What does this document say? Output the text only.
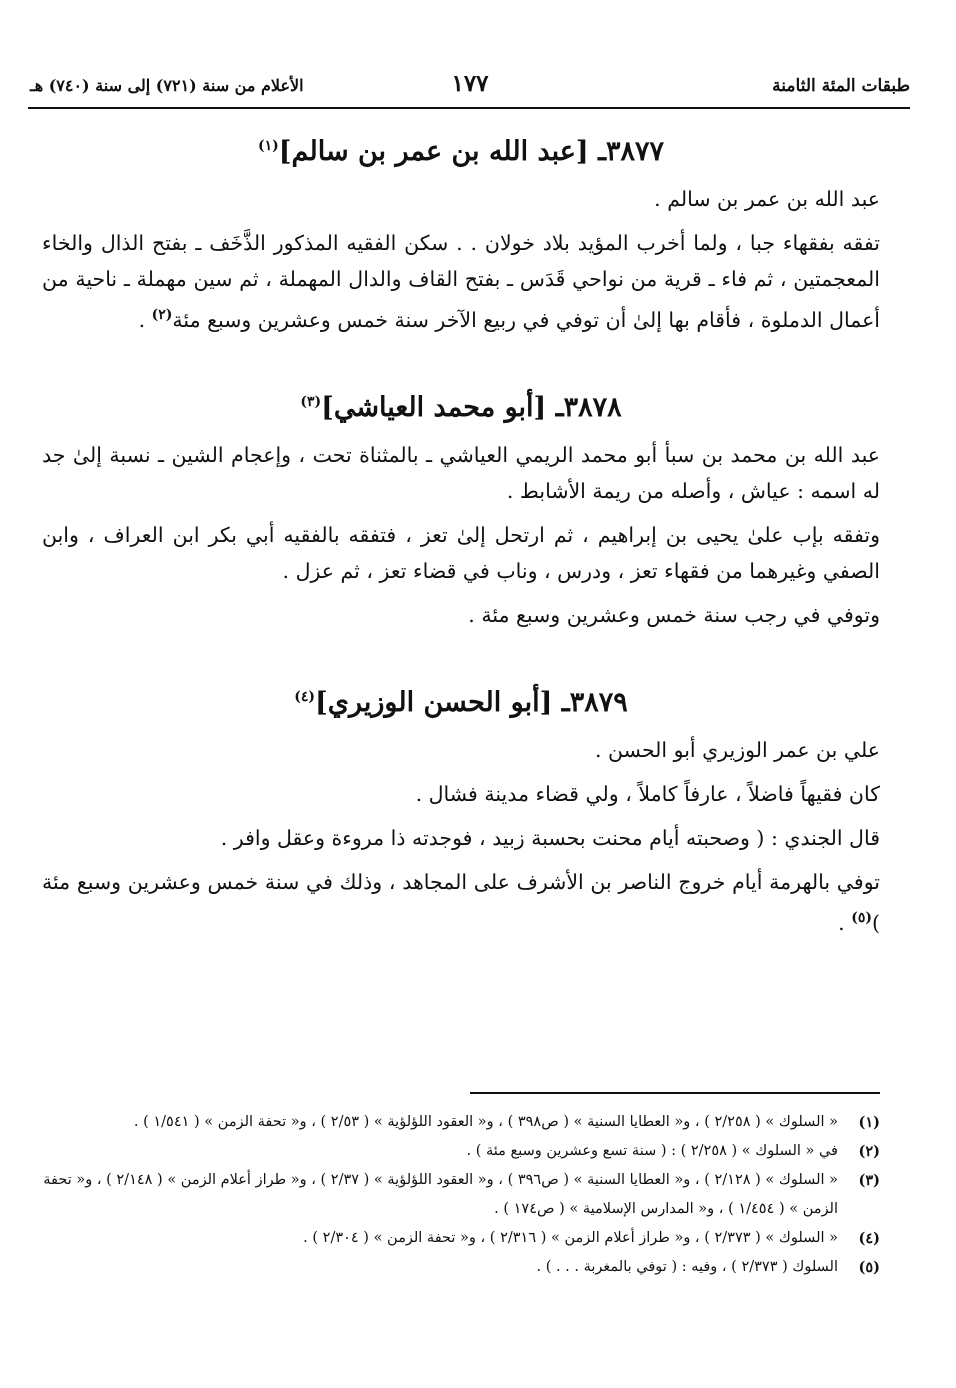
طبقات المئة الثامنة
١٧٧
الأعلام من سنة (٧٢١) إلى سنة (٧٤٠) هـ
٣٨٧٧ـ [عبد الله بن عمر بن سالم]$^{(١)}$

عبد الله بن عمر بن سالم .

تفقه بفقهاء جبا ، ولما أخرب المؤيد بلاد خولان . . سكن الفقيه المذكور الذَّخَف ـ بفتح الذال والخاء المعجمتين ، ثم فاء ـ قرية من نواحي قَدَس ـ بفتح القاف والدال المهملة ، ثم سين مهملة ـ ناحية من أعمال الدملوة ، فأقام بها إلىٰ أن توفي في ربيع الآخر سنة خمس وعشرين وسبع مئة$^{(٢)}$ .

٣٨٧٨ـ [أبو محمد العياشي]$^{(٣)}$

عبد الله بن محمد بن سبأ أبو محمد الريمي العياشي ـ بالمثناة تحت ، وإعجام الشين ـ نسبة إلىٰ جد له اسمه : عياش ، وأصله من ريمة الأشابط .

وتفقه بإب علىٰ يحيى بن إبراهيم ، ثم ارتحل إلىٰ تعز ، فتفقه بالفقيه أبي بكر ابن العراف ، وابن الصفي وغيرهما من فقهاء تعز ، ودرس ، وناب في قضاء تعز ، ثم عزل .

وتوفي في رجب سنة خمس وعشرين وسبع مئة .

٣٨٧٩ـ [أبو الحسن الوزيري]$^{(٤)}$

علي بن عمر الوزيري أبو الحسن .

كان فقيهاً فاضلاً ، عارفاً كاملاً ، ولي قضاء مدينة فشال .

قال الجندي : ( وصحبته أيام محنت بحسبة زبيد ، فوجدته ذا مروءة وعقل وافر .

توفي بالهرمة أيام خروج الناصر بن الأشرف على المجاهد ، وذلك في سنة خمس وعشرين وسبع مئة )$^{(٥)}$ .

(١)
« السلوك » ( ٢/٢٥٨ ) ، و« العطايا السنية » ( ص٣٩٨ ) ، و« العقود اللؤلؤية » ( ٢/٥٣ ) ، و« تحفة الزمن » ( ١/٥٤١ ) .

(٢)
في « السلوك » ( ٢/٢٥٨ ) : ( سنة تسع وعشرين وسبع مئة ) .

(٣)
« السلوك » ( ٢/١٢٨ ) ، و« العطايا السنية » ( ص٣٩٦ ) ، و« العقود اللؤلؤية » ( ٢/٣٧ ) ، و« طراز أعلام الزمن » ( ٢/١٤٨ ) ، و« تحفة الزمن » ( ١/٤٥٤ ) ، و« المدارس الإسلامية » ( ص١٧٤ ) .

(٤)
« السلوك » ( ٢/٣٧٣ ) ، و« طراز أعلام الزمن » ( ٢/٣١٦ ) ، و« تحفة الزمن » ( ٢/٣٠٤ ) .

(٥)
السلوك ( ٢/٣٧٣ ) ، وفيه : ( توفي بالمغربة . . . ) .
